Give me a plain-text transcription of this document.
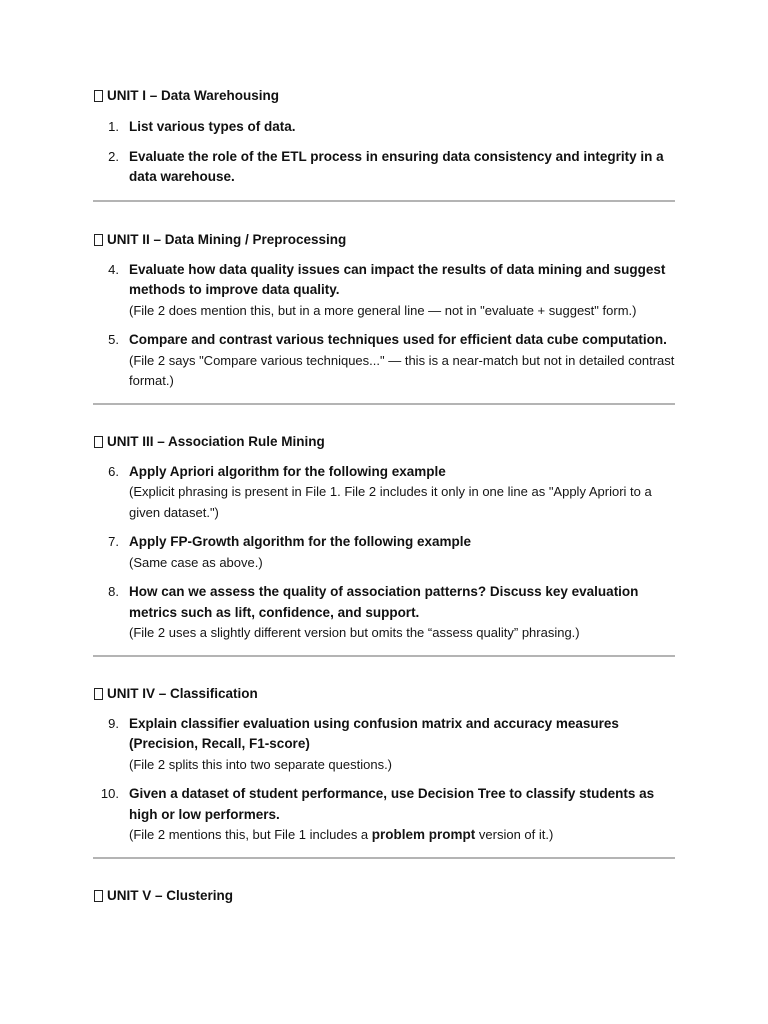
UNIT I – Data Warehousing
1. List various types of data.
2. Evaluate the role of the ETL process in ensuring data consistency and integrity in a data warehouse.
UNIT II – Data Mining / Preprocessing
4. Evaluate how data quality issues can impact the results of data mining and suggest methods to improve data quality.
(File 2 does mention this, but in a more general line — not in "evaluate + suggest" form.)
5. Compare and contrast various techniques used for efficient data cube computation.
(File 2 says "Compare various techniques..." — this is a near-match but not in detailed contrast format.)
UNIT III – Association Rule Mining
6. Apply Apriori algorithm for the following example
(Explicit phrasing is present in File 1. File 2 includes it only in one line as "Apply Apriori to a given dataset.")
7. Apply FP-Growth algorithm for the following example
(Same case as above.)
8. How can we assess the quality of association patterns? Discuss key evaluation metrics such as lift, confidence, and support.
(File 2 uses a slightly different version but omits the “assess quality” phrasing.)
UNIT IV – Classification
9. Explain classifier evaluation using confusion matrix and accuracy measures (Precision, Recall, F1-score)
(File 2 splits this into two separate questions.)
10. Given a dataset of student performance, use Decision Tree to classify students as high or low performers.
(File 2 mentions this, but File 1 includes a problem prompt version of it.)
UNIT V – Clustering
